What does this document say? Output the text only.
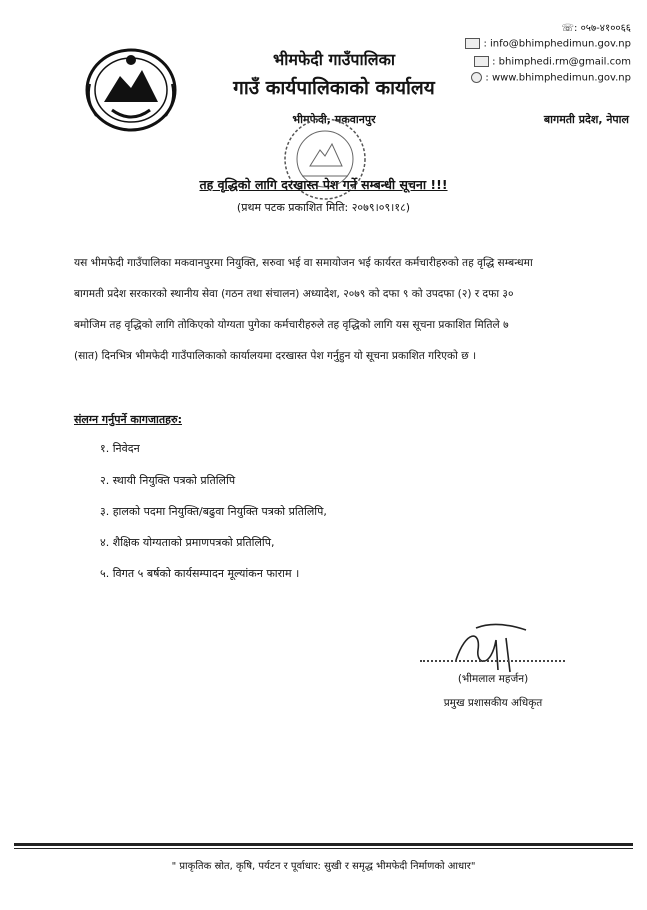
भीमफेदी गाउँपालिका
गाउँ कार्यपालिकाको कार्यालय
भीमफेदी, मकवानपुर
☏: ०५७-४१००६६
: info@bhimphedimun.gov.np
: bhimphedi.rm@gmail.com
: www.bhimphedimun.gov.np
बागमती प्रदेश, नेपाल
तह वृद्धिको लागि दरखास्त पेश गर्ने सम्बन्धी सूचना !!!
(प्रथम पटक प्रकाशित मिति: २०७९।०९।१८)
यस भीमफेदी गाउँपालिका मकवानपुरमा नियुक्ति, सरुवा भई वा समायोजन भई कार्यरत कर्मचारीहरुको तह वृद्धि सम्बन्धमा
बागमती प्रदेश सरकारको स्थानीय सेवा (गठन तथा संचालन) अध्यादेश, २०७९ को दफा ९ को उपदफा (२) र दफा ३०
बमोजिम तह वृद्धिको लागि तोकिएको योग्यता पुगेका कर्मचारीहरुले तह वृद्धिको लागि यस सूचना प्रकाशित मितिले ७
(सात) दिनभित्र भीमफेदी गाउँपालिकाको कार्यालयमा दरखास्त पेश गर्नुहुन यो सूचना प्रकाशित गरिएको छ ।
संलग्न गर्नुपर्ने कागजातहरु:
१. निवेदन
२. स्थायी नियुक्ति पत्रको प्रतिलिपि
३. हालको पदमा नियुक्ति/बढुवा नियुक्ति पत्रको प्रतिलिपि,
४. शैक्षिक योग्यताको प्रमाणपत्रको प्रतिलिपि,
५. विगत ५ बर्षको कार्यसम्पादन मूल्यांकन फाराम ।
(भीमलाल महर्जन)
प्रमुख प्रशासकीय अधिकृत
" प्राकृतिक स्रोत, कृषि, पर्यटन र पूर्वाधार: सुखी र समृद्ध भीमफेदी निर्माणको आधार"
